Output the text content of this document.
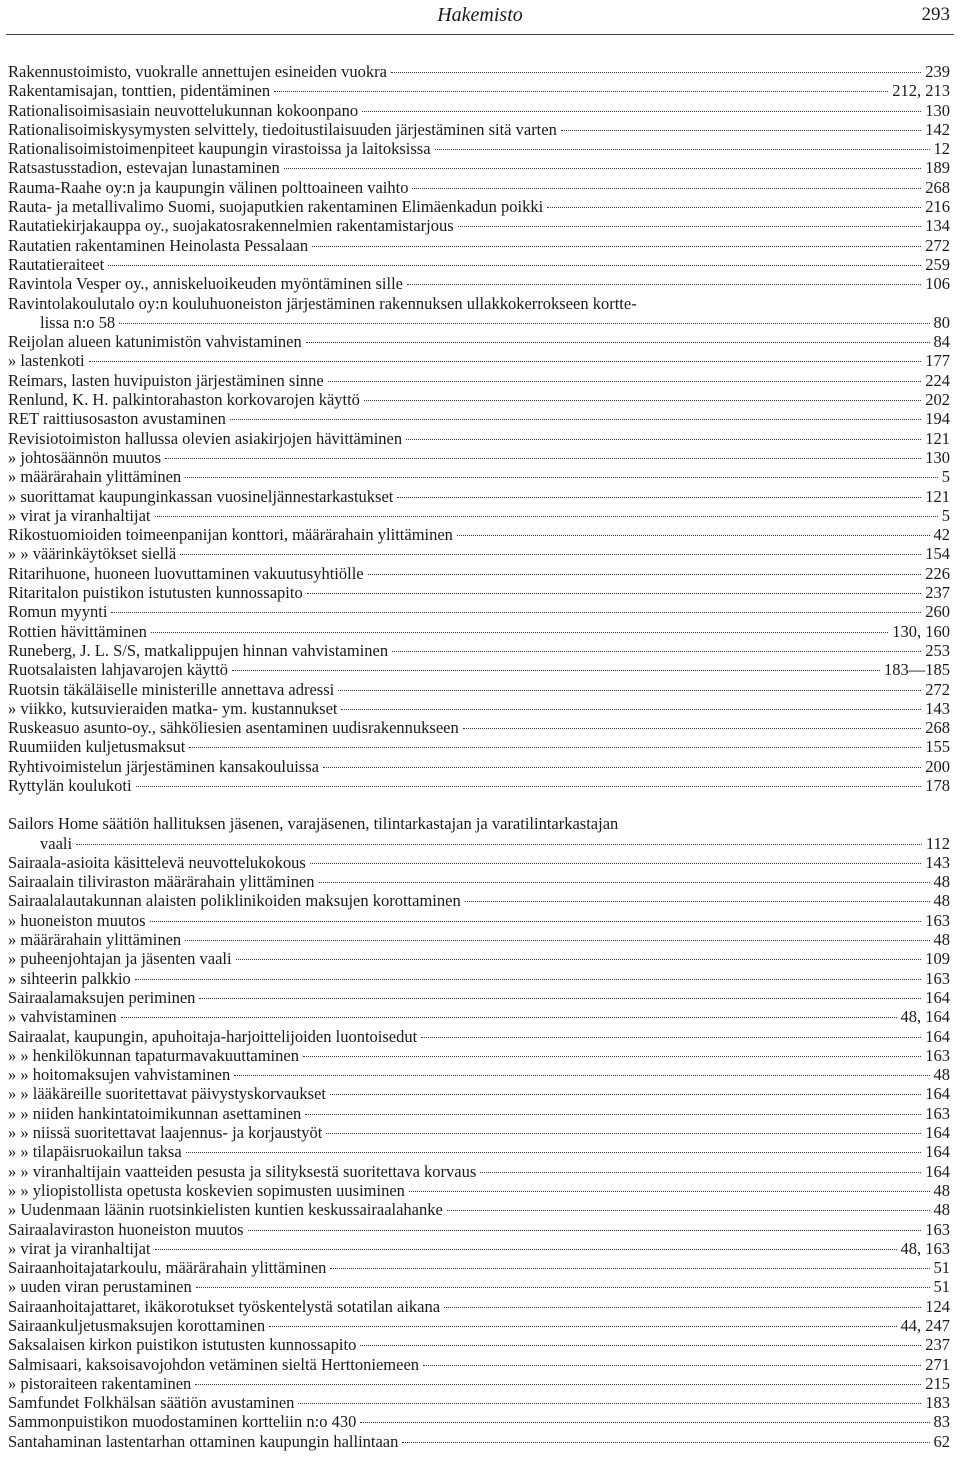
Hakemisto	293
Rakennustoimisto, vuokralle annettujen esineiden vuokra	239
Rakentamisajan, tonttien, pidentäminen	212, 213
Rationalisoimisasiain neuvottelukunnan kokoonpano	130
Rationalisoimiskysymysten selvittely, tiedoitustilaisuuden järjestäminen sitä varten	142
Rationalisoimistoimenpiteet kaupungin virastoissa ja laitoksissa	12
Ratsastusstadion, estevajan lunastaminen	189
Rauma-Raahe oy:n ja kaupungin välinen polttoaineen vaihto	268
Rauta- ja metallivalimo Suomi, suojaputkien rakentaminen Elimäenkadun poikki	216
Rautatiekirjakauppa oy., suojakatosrakennelmien rakentamistarjous	134
Rautatien rakentaminen Heinolasta Pessalaan	272
Rautatieraiteet	259
Ravintola Vesper oy., anniskeluoikeuden myöntäminen sille	106
Ravintolakoulutalo oy:n kouluhuoneiston järjestäminen rakennuksen ullakkokerrokseen kortte-
lissa n:o 58	80
Reijolan alueen katunimistön vahvistaminen	84
» lastenkoti	177
Reimars, lasten huvipuiston järjestäminen sinne	224
Renlund, K. H. palkintorahaston korkovarojen käyttö	202
RET raittiusosaston avustaminen	194
Revisiotoimiston hallussa olevien asiakirjojen hävittäminen	121
» johtosäännön muutos	130
» määrärahain ylittäminen	5
» suorittamat kaupunginkassan vuosineljännestarkastukset	121
» virat ja viranhaltijat	5
Rikostuomioiden toimeenpanijan konttori, määrärahain ylittäminen	42
» » väärinkäytökset siellä	154
Ritarihuone, huoneen luovuttaminen vakuutusyhtiölle	226
Ritaritalon puistikon istutusten kunnossapito	237
Romun myynti	260
Rottien hävittäminen	130, 160
Runeberg, J. L. S/S, matkalippujen hinnan vahvistaminen	253
Ruotsalaisten lahjavarojen käyttö	183—185
Ruotsin täkäläiselle ministerille annettava adressi	272
» viikko, kutsuvieraiden matka- ym. kustannukset	143
Ruskeasuo asunto-oy., sähköliesien asentaminen uudisrakennukseen	268
Ruumiiden kuljetusmaksut	155
Ryhtivoimistelun järjestäminen kansakouluissa	200
Ryttylän koulukoti	178
Sailors Home säätiön hallituksen jäsenen, varajäsenen, tilintarkastajan ja varatilintarkastajan
vaali	112
Sairaala-asioita käsittelevä neuvottelukokous	143
Sairaalain tiliviraston määrärahain ylittäminen	48
Sairaalalautakunnan alaisten poliklinikoiden maksujen korottaminen	48
» huoneiston muutos	163
» määrärahain ylittäminen	48
» puheenjohtajan ja jäsenten vaali	109
» sihteerin palkkio	163
Sairaalamaksujen periminen	164
» vahvistaminen	48, 164
Sairaalat, kaupungin, apuhoitaja-harjoittelijoiden luontoisedut	164
» » henkilökunnan tapaturmavakuuttaminen	163
» » hoitomaksujen vahvistaminen	48
» » lääkäreille suoritettavat päivystyskorvaukset	164
» » niiden hankintatoimikunnan asettaminen	163
» » niissä suoritettavat laajennus- ja korjaustyöt	164
» » tilapäisruokailun taksa	164
» » viranhaltijain vaatteiden pesusta ja silityksestä suoritettava korvaus	164
» » yliopistollista opetusta koskevien sopimusten uusiminen	48
» Uudenmaan läänin ruotsinkielisten kuntien keskussairaalahanke	48
Sairaalaviraston huoneiston muutos	163
» virat ja viranhaltijat	48, 163
Sairaanhoitajatarkoulu, määrärahain ylittäminen	51
» uuden viran perustaminen	51
Sairaanhoitajattaret, ikäkorotukset työskentelystä sotatilan aikana	124
Sairaankuljetusmaksujen korottaminen	44, 247
Saksalaisen kirkon puistikon istutusten kunnossapito	237
Salmisaari, kaksoisavojohdon vetäminen sieltä Herttoniemeen	271
» pistoraiteen rakentaminen	215
Samfundet Folkhälsan säätiön avustaminen	183
Sammonpuistikon muodostaminen kortteliin n:o 430	83
Santahaminan lastentarhan ottaminen kaupungin hallintaan	62
